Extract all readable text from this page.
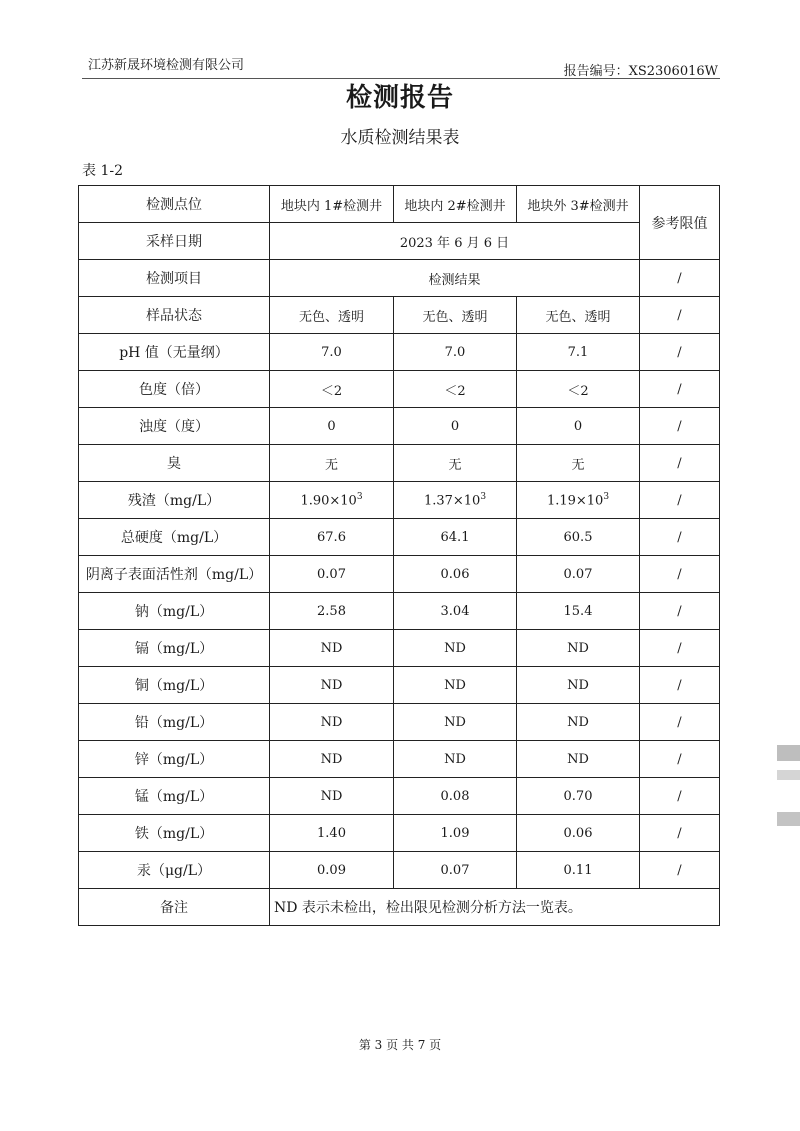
江苏新晟环境检测有限公司	报告编号：XS2306016W
检测报告
水质检测结果表
表 1-2
检测点位	地块内 1#检测井	地块内 2#检测井	地块外 3#检测井	参考限值
采样日期	2023 年 6 月 6 日			
检测项目	检测结果			/
样品状态	无色、透明	无色、透明	无色、透明	/
pH 值（无量纲）	7.0	7.0	7.1	/
色度（倍）	＜2	＜2	＜2	/
浊度（度）	0	0	0	/
臭	无	无	无	/
残渣（mg/L）	$1.90\times 10^3$	$1.37\times 10^3$	$1.19\times 10^3$	/
总硬度（mg/L）	67.6	64.1	60.5	/
阴离子表面活性剂（mg/L）	0.07	0.06	0.07	/
钠（mg/L）	2.58	3.04	15.4	/
镉（mg/L）	ND	ND	ND	/
铜（mg/L）	ND	ND	ND	/
铅（mg/L）	ND	ND	ND	/
锌（mg/L）	ND	ND	ND	/
锰（mg/L）	ND	0.08	0.70	/
铁（mg/L）	1.40	1.09	0.06	/
汞（μg/L）	0.09	0.07	0.11	/
备注	ND 表示未检出，检出限见检测分析方法一览表。			
第 3 页 共 7 页
